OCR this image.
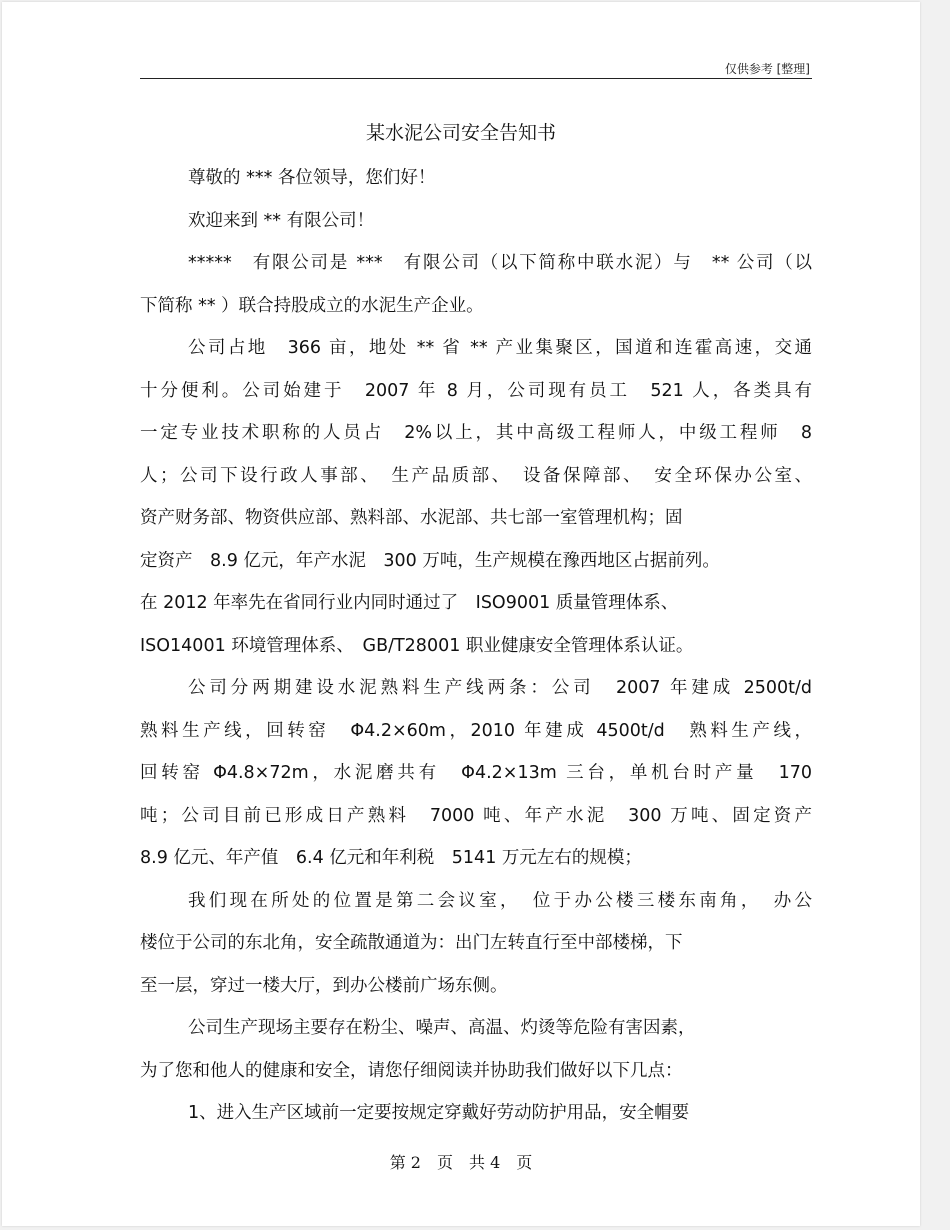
仅供参考 [整理]
某水泥公司安全告知书
尊敬的 *** 各位领导，您们好！
欢迎来到 ** 有限公司！
*****　有限公司是 ***　有限公司（以下简称中联水泥）与　** 公司（以
下简称 ** ）联合持股成立的水泥生产企业。
公司占地　366 亩，地处 ** 省 ** 产业集聚区，国道和连霍高速，交通
十分便利。公司始建于　2007 年 8 月，公司现有员工　521 人，各类具有
一定专业技术职称的人员占　2%以上，其中高级工程师人，中级工程师　8
人；公司下设行政人事部、　生产品质部、　设备保障部、　安全环保办公室、
资产财务部、物资供应部、熟料部、水泥部、共七部一室管理机构；固
定资产　8.9 亿元，年产水泥　300 万吨，生产规模在豫西地区占据前列。
在 2012 年率先在省同行业内同时通过了　ISO9001 质量管理体系、
ISO14001 环境管理体系、　GB/T28001 职业健康安全管理体系认证。
公司分两期建设水泥熟料生产线两条：公司　2007 年建成 2500t/d
熟料生产线，回转窑　Φ4.2×60m，2010 年建成 4500t/d　熟料生产线，
回转窑 Φ4.8×72m，水泥磨共有　Φ4.2×13m 三台，单机台时产量　170
吨；公司目前已形成日产熟料　7000 吨、年产水泥　300 万吨、固定资产
8.9 亿元、年产值　6.4 亿元和年利税　5141 万元左右的规模；
我们现在所处的位置是第二会议室，　位于办公楼三楼东南角，　办公
楼位于公司的东北角，安全疏散通道为：出门左转直行至中部楼梯，下
至一层，穿过一楼大厅，到办公楼前广场东侧。
公司生产现场主要存在粉尘、噪声、高温、灼烫等危险有害因素，
为了您和他人的健康和安全，请您仔细阅读并协助我们做好以下几点：
1、进入生产区域前一定要按规定穿戴好劳动防护用品，安全帽要
第 2　页　共 4　页
